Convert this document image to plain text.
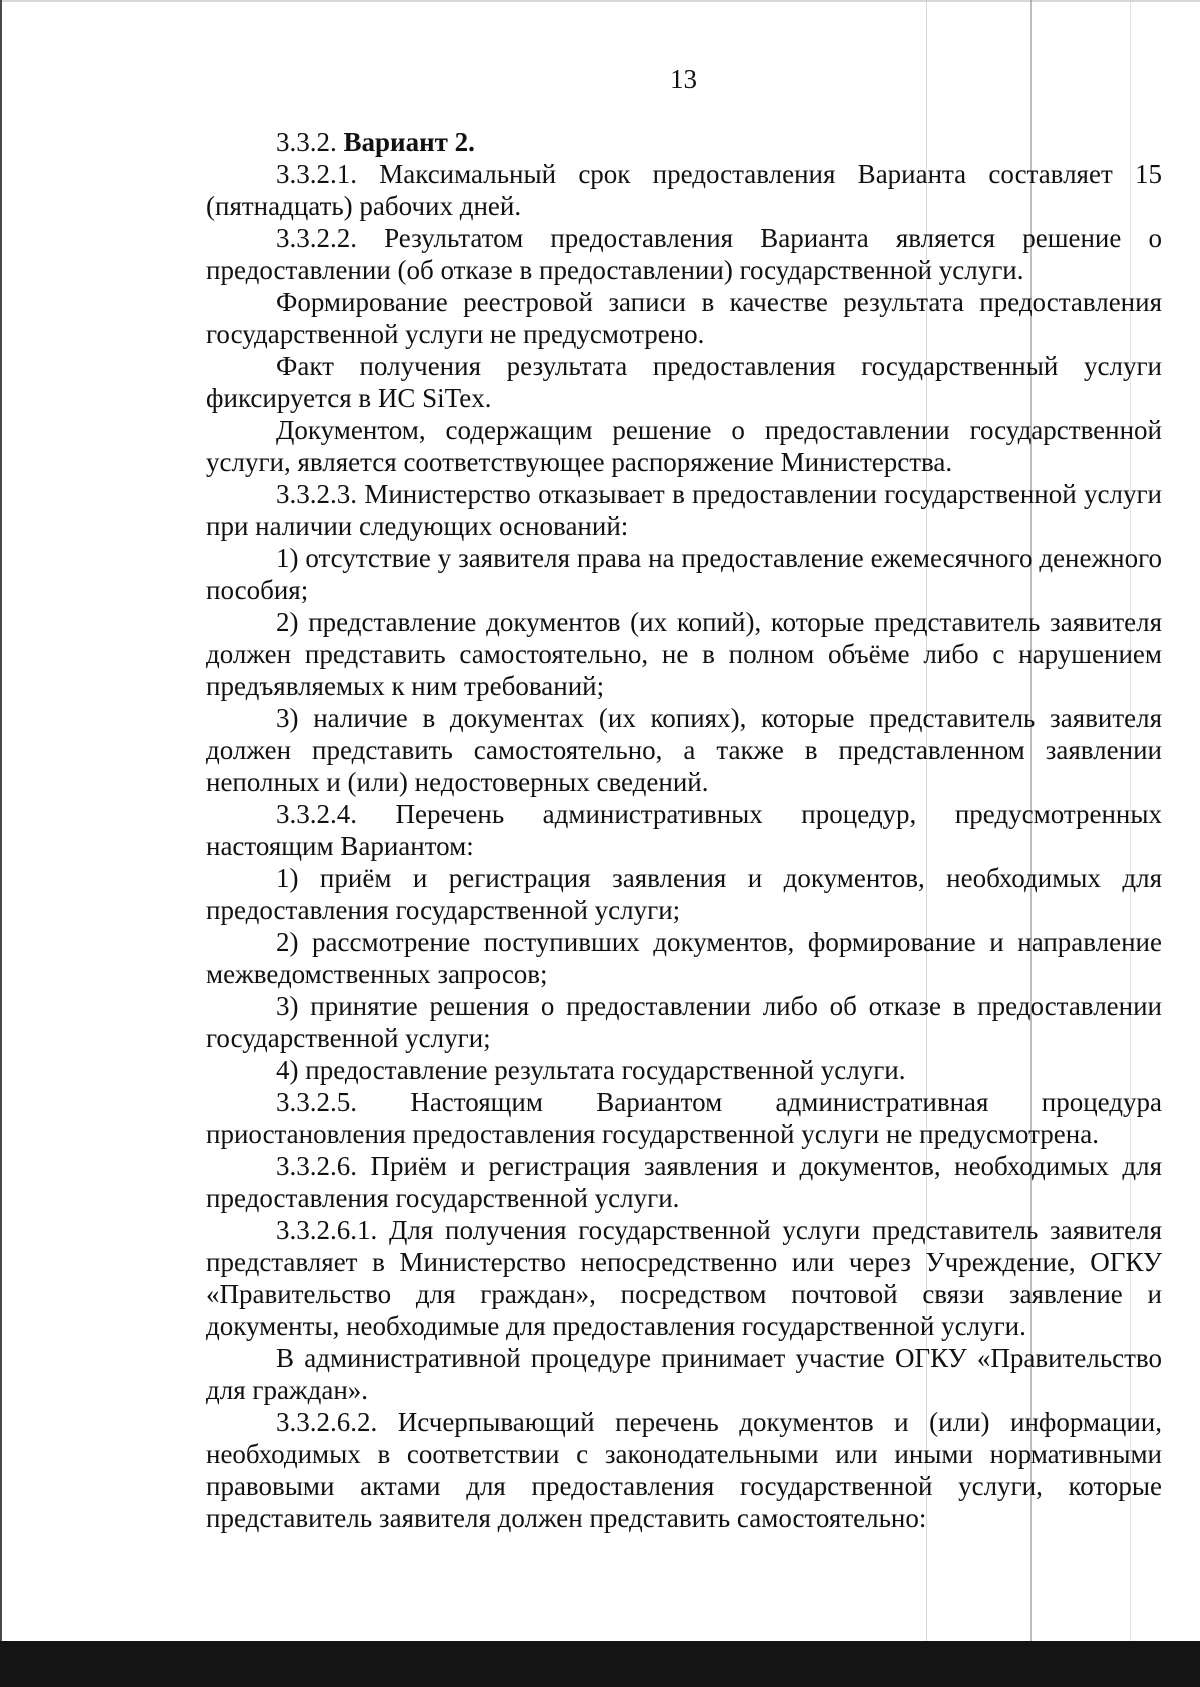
13

3.3.2. Вариант 2.

3.3.2.1. Максимальный срок предоставления Варианта составляет 15 (пятнадцать) рабочих дней.

3.3.2.2. Результатом предоставления Варианта является решение о предоставлении (об отказе в предоставлении) государственной услуги.

Формирование реестровой записи в качестве результата предоставления государственной услуги не предусмотрено.

Факт получения результата предоставления государственный услуги фиксируется в ИС SiTex.

Документом, содержащим решение о предоставлении государственной услуги, является соответствующее распоряжение Министерства.

3.3.2.3. Министерство отказывает в предоставлении государственной услуги при наличии следующих оснований:

1) отсутствие у заявителя права на предоставление ежемесячного денежного пособия;

2) представление документов (их копий), которые представитель заявителя должен представить самостоятельно, не в полном объёме либо с нарушением предъявляемых к ним требований;

3) наличие в документах (их копиях), которые представитель заявителя должен представить самостоятельно, а также в представленном заявлении неполных и (или) недостоверных сведений.

3.3.2.4. Перечень административных процедур, предусмотренных настоящим Вариантом:

1) приём и регистрация заявления и документов, необходимых для предоставления государственной услуги;

2) рассмотрение поступивших документов, формирование и направление межведомственных запросов;

3) принятие решения о предоставлении либо об отказе в предоставлении государственной услуги;

4) предоставление результата государственной услуги.

3.3.2.5. Настоящим Вариантом административная процедура приостановления предоставления государственной услуги не предусмотрена.

3.3.2.6. Приём и регистрация заявления и документов, необходимых для предоставления государственной услуги.

3.3.2.6.1. Для получения государственной услуги представитель заявителя представляет в Министерство непосредственно или через Учреждение, ОГКУ «Правительство для граждан», посредством почтовой связи заявление и документы, необходимые для предоставления государственной услуги.

В административной процедуре принимает участие ОГКУ «Правительство для граждан».

3.3.2.6.2. Исчерпывающий перечень документов и (или) информации, необходимых в соответствии с законодательными или иными нормативными правовыми актами для предоставления государственной услуги, которые представитель заявителя должен представить самостоятельно:
